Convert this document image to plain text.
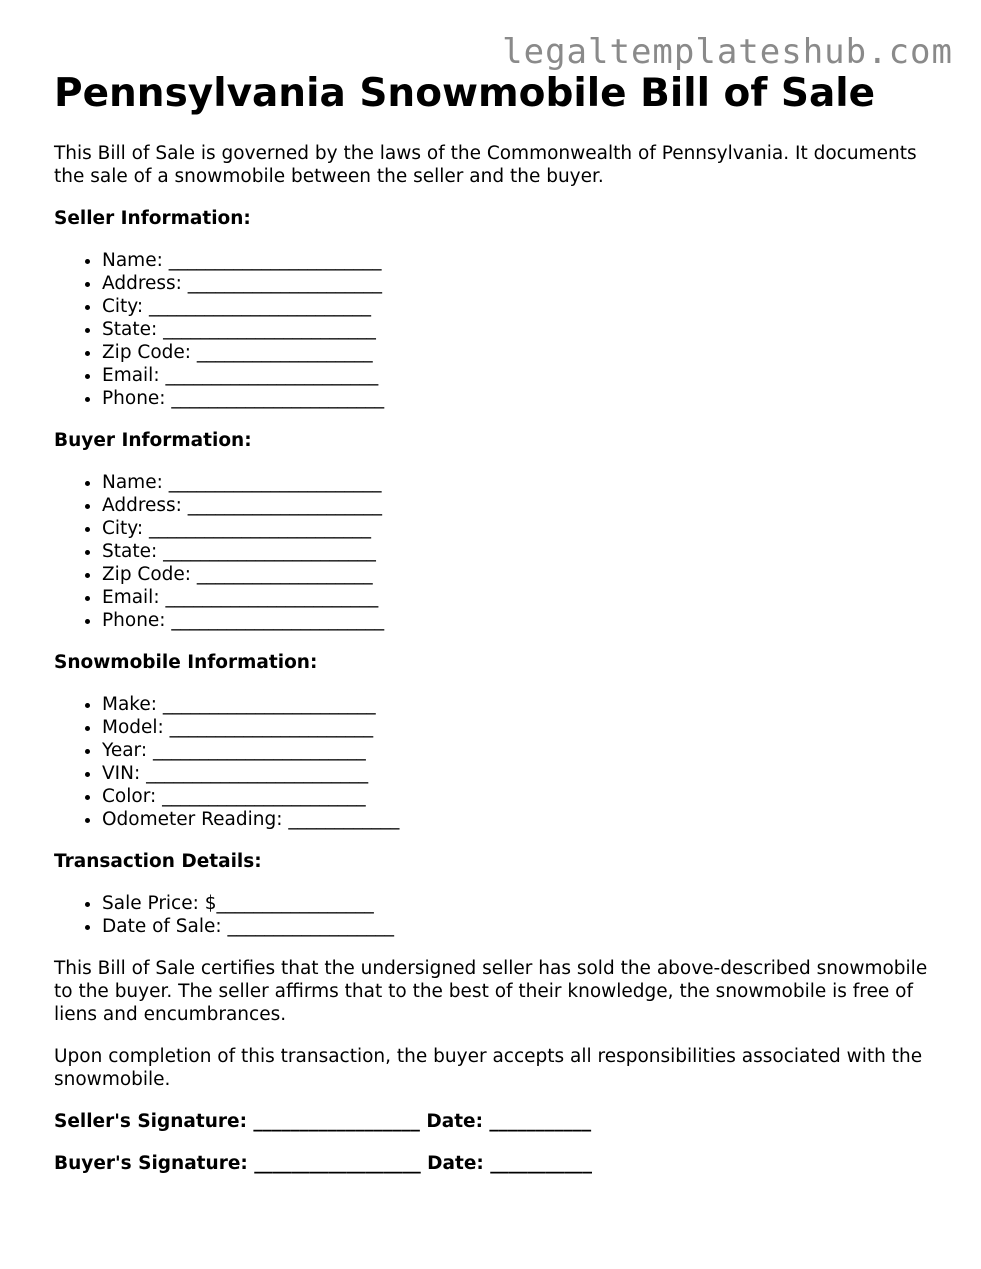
legaltemplateshub.com
Pennsylvania Snowmobile Bill of Sale

This Bill of Sale is governed by the laws of the Commonwealth of Pennsylvania. It documents the sale of a snowmobile between the seller and the buyer.

Seller Information:
• Name: _______________________
• Address: _____________________
• City: ________________________
• State: _______________________
• Zip Code: ___________________
• Email: _______________________
• Phone: _______________________
Buyer Information:
• Name: _______________________
• Address: _____________________
• City: ________________________
• State: _______________________
• Zip Code: ___________________
• Email: _______________________
• Phone: _______________________
Snowmobile Information:
• Make: _______________________
• Model: ______________________
• Year: _______________________
• VIN: ________________________
• Color: ______________________
• Odometer Reading: ____________
Transaction Details:
• Sale Price: $_________________
• Date of Sale: __________________

This Bill of Sale certifies that the undersigned seller has sold the above-described snowmobile to the buyer. The seller affirms that to the best of their knowledge, the snowmobile is free of liens and encumbrances.

Upon completion of this transaction, the buyer accepts all responsibilities associated with the snowmobile.

Seller's Signature: __________________ Date: ___________

Buyer's Signature: __________________ Date: ___________
